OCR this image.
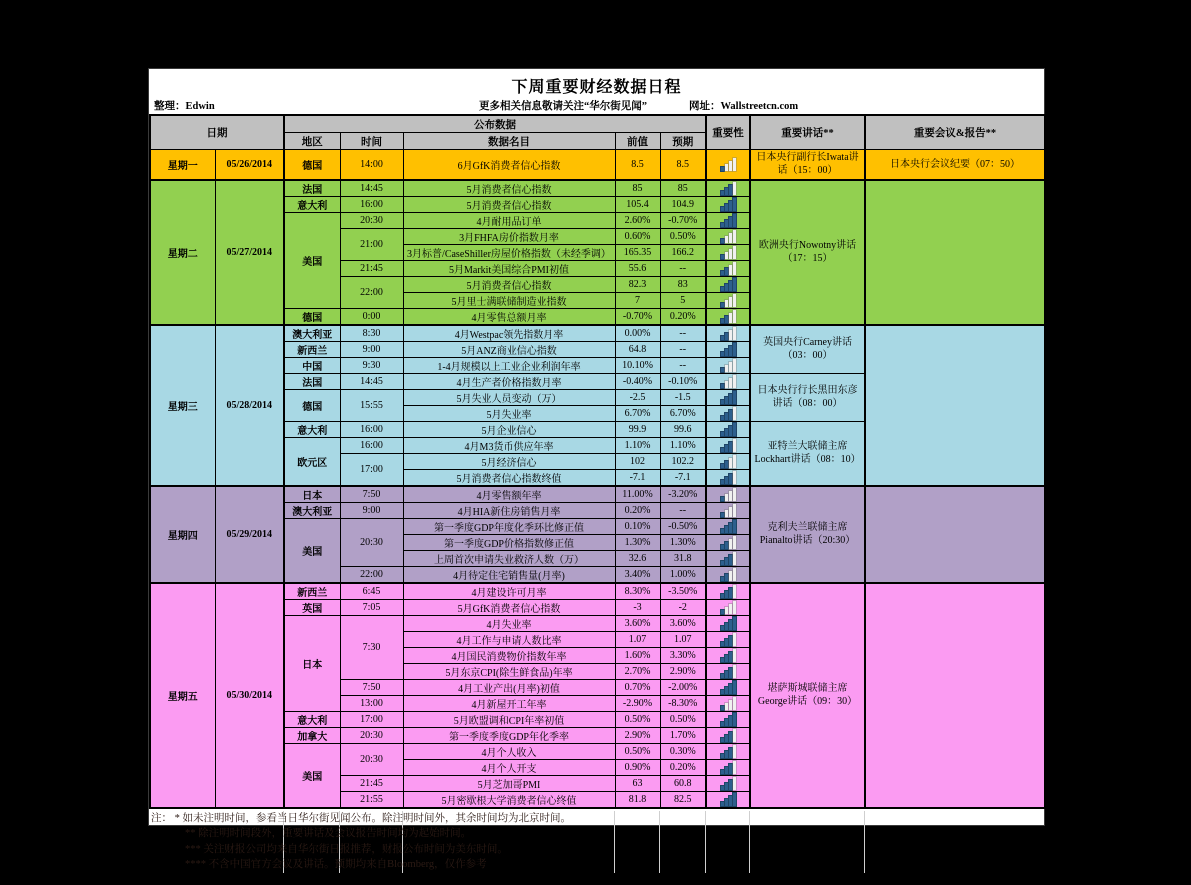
下周重要财经数据日程
整理：Edwin	更多相关信息敬请关注“华尔街见闻”	网址：Wallstreetcn.com
日期		公布数据					重要性	重要讲话**	重要会议&报告**
		地区	时间	数据名目	前值	预期			
星期一	05/26/2014	德国	14:00	6月GfK消费者信心指数	8.5	8.5		日本央行副行长Iwata讲话（15：00）	日本央行会议纪要（07：50）
星期二	05/27/2014	法国	14:45	5月消费者信心指数	85	85		欧洲央行Nowotny讲话（17：15）	
		意大利	16:00	5月消费者信心指数	105.4	104.9			

		美国	20:30	4月耐用品订单	2.60%	-0.70%			

			21:00	3月FHFA房价指数月率	0.60%	0.50%			

				3月标普/CaseShiller房屋价格指数（未经季调）	165.35	166.2			

			21:45	5月Markit美国综合PMI初值	55.6	--			

			22:00	5月消费者信心指数	82.3	83			

				5月里士满联储制造业指数	7	5			

		德国	0:00	4月零售总额月率	-0.70%	0.20%			

星期三	05/28/2014	澳大利亚	8:30	4月Westpac领先指数月率	0.00%	--		英国央行Carney讲话（03：00）	
		新西兰	9:00	5月ANZ商业信心指数	64.8	--			

		中国	9:30	1-4月规模以上工业企业利润年率	10.10%	--			

		法国	14:45	4月生产者价格指数月率	-0.40%	-0.10%		日本央行行长黑田东彦讲话（08：00）	
		德国	15:55	5月失业人员变动（万）	-2.5	-1.5			

				5月失业率	6.70%	6.70%			

		意大利	16:00	5月企业信心	99.9	99.6		亚特兰大联储主席Lockhart讲话（08：10）	
		欧元区	16:00	4月M3货币供应年率	1.10%	1.10%			

			17:00	5月经济信心	102	102.2			

				5月消费者信心指数终值	-7.1	-7.1			

星期四	05/29/2014	日本	7:50	4月零售额年率	11.00%	-3.20%		克利夫兰联储主席Pianalto讲话（20:30）	
		澳大利亚	9:00	4月HIA新住房销售月率	0.20%	--			

		美国	20:30	第一季度GDP年度化季环比修正值	0.10%	-0.50%			

				第一季度GDP价格指数修正值	1.30%	1.30%			

				上周首次申请失业救济人数（万）	32.6	31.8			

			22:00	4月待定住宅销售量(月率)	3.40%	1.00%			

星期五	05/30/2014	新西兰	6:45	4月建设许可月率	8.30%	-3.50%		堪萨斯城联储主席George讲话（09：30）	
		英国	7:05	5月GfK消费者信心指数	-3	-2			

		日本	7:30	4月失业率	3.60%	3.60%			

				4月工作与申请人数比率	1.07	1.07			

				4月国民消费物价指数年率	1.60%	3.30%			

				5月东京CPI(除生鲜食品)年率	2.70%	2.90%			

			7:50	4月工业产出(月率)初值	0.70%	-2.00%			

			13:00	4月新屋开工年率	-2.90%	-8.30%			

		意大利	17:00	5月欧盟调和CPI年率初值	0.50%	0.50%			

		加拿大	20:30	第一季度季度GDP年化季率	2.90%	1.70%			

		美国	20:30	4月个人收入	0.50%	0.30%			

				4月个人开支	0.90%	0.20%			

			21:45	5月芝加哥PMI	63	60.8			

			21:55	5月密歇根大学消费者信心终值	81.8	82.5			
注： * 如未注明时间，参看当日华尔街见闻公布。除注明时间外，其余时间均为北京时间。
** 除注明时间段外，重要讲话及会议报告时间均为起始时间。
*** 关注财报公司均来自华尔街日报推荐，财报公布时间为美东时间。
**** 不含中国官方会议及讲话。预期均来自Bloomberg，仅作参考
